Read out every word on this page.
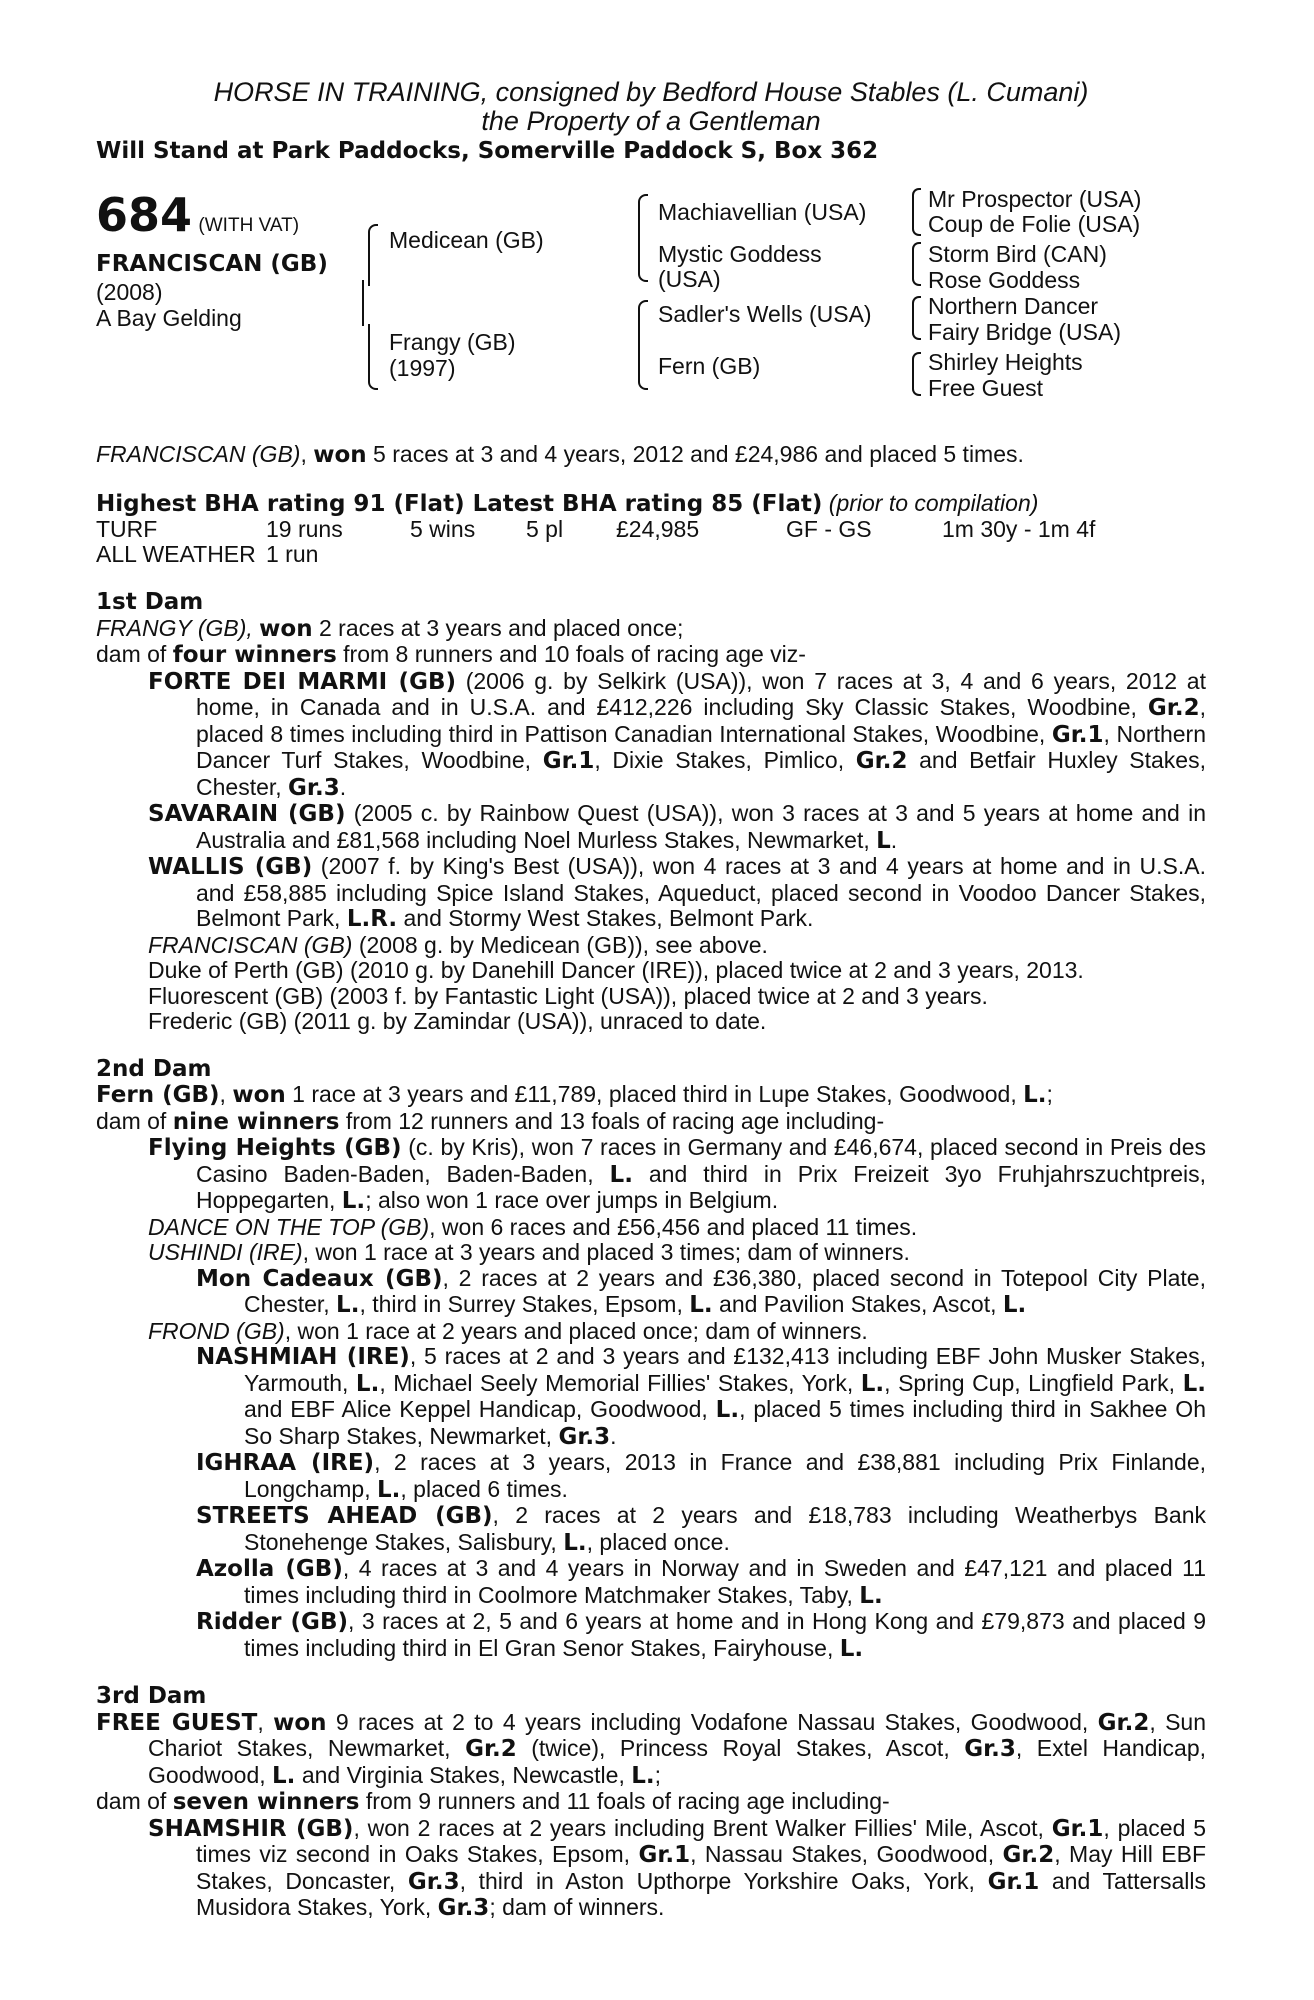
HORSE IN TRAINING, consigned by Bedford House Stables (L. Cumani)
the Property of a Gentleman
Will Stand at Park Paddocks, Somerville Paddock S, Box 362
684 (WITH VAT)
FRANCISCAN (GB)
(2008)
A Bay Gelding
Medicean (GB)
Frangy (GB)
(1997)
Machiavellian (USA)
Mystic Goddess
(USA)
Sadler's Wells (USA)
Fern (GB)
Mr Prospector (USA)
Coup de Folie (USA)
Storm Bird (CAN)
Rose Goddess
Northern Dancer
Fairy Bridge (USA)
Shirley Heights
Free Guest
FRANCISCAN (GB), won 5 races at 3 and 4 years, 2012 and £24,986 and placed 5 times.
Highest BHA rating 91 (Flat) Latest BHA rating 85 (Flat) (prior to compilation)
TURF	19 runs	5 wins 5 pl £24,985	GF - GS	1m 30y - 1m 4f
ALL WEATHER 1 run
1st Dam
FRANGY (GB), won 2 races at 3 years and placed once;
dam of four winners from 8 runners and 10 foals of racing age viz-
FORTE DEI MARMI (GB) (2006 g. by Selkirk (USA)), won 7 races at 3, 4 and 6 years, 2012 at home, in Canada and in U.S.A. and £412,226 including Sky Classic Stakes, Woodbine, Gr.2, placed 8 times including third in Pattison Canadian International Stakes, Woodbine, Gr.1, Northern Dancer Turf Stakes, Woodbine, Gr.1, Dixie Stakes, Pimlico, Gr.2 and Betfair Huxley Stakes, Chester, Gr.3.
SAVARAIN (GB) (2005 c. by Rainbow Quest (USA)), won 3 races at 3 and 5 years at home and in Australia and £81,568 including Noel Murless Stakes, Newmarket, L.
WALLIS (GB) (2007 f. by King's Best (USA)), won 4 races at 3 and 4 years at home and in U.S.A. and £58,885 including Spice Island Stakes, Aqueduct, placed second in Voodoo Dancer Stakes, Belmont Park, L.R. and Stormy West Stakes, Belmont Park.
FRANCISCAN (GB) (2008 g. by Medicean (GB)), see above.
Duke of Perth (GB) (2010 g. by Danehill Dancer (IRE)), placed twice at 2 and 3 years, 2013.
Fluorescent (GB) (2003 f. by Fantastic Light (USA)), placed twice at 2 and 3 years.
Frederic (GB) (2011 g. by Zamindar (USA)), unraced to date.
2nd Dam
Fern (GB), won 1 race at 3 years and £11,789, placed third in Lupe Stakes, Goodwood, L.;
dam of nine winners from 12 runners and 13 foals of racing age including-
Flying Heights (GB) (c. by Kris), won 7 races in Germany and £46,674, placed second in Preis des Casino Baden-Baden, Baden-Baden, L. and third in Prix Freizeit 3yo Fruhjahrszuchtpreis, Hoppegarten, L.; also won 1 race over jumps in Belgium.
DANCE ON THE TOP (GB), won 6 races and £56,456 and placed 11 times.
USHINDI (IRE), won 1 race at 3 years and placed 3 times; dam of winners.
Mon Cadeaux (GB), 2 races at 2 years and £36,380, placed second in Totepool City Plate, Chester, L., third in Surrey Stakes, Epsom, L. and Pavilion Stakes, Ascot, L.
FROND (GB), won 1 race at 2 years and placed once; dam of winners.
NASHMIAH (IRE), 5 races at 2 and 3 years and £132,413 including EBF John Musker Stakes, Yarmouth, L., Michael Seely Memorial Fillies' Stakes, York, L., Spring Cup, Lingfield Park, L. and EBF Alice Keppel Handicap, Goodwood, L., placed 5 times including third in Sakhee Oh So Sharp Stakes, Newmarket, Gr.3.
IGHRAA (IRE), 2 races at 3 years, 2013 in France and £38,881 including Prix Finlande, Longchamp, L., placed 6 times.
STREETS AHEAD (GB), 2 races at 2 years and £18,783 including Weatherbys Bank Stonehenge Stakes, Salisbury, L., placed once.
Azolla (GB), 4 races at 3 and 4 years in Norway and in Sweden and £47,121 and placed 11 times including third in Coolmore Matchmaker Stakes, Taby, L.
Ridder (GB), 3 races at 2, 5 and 6 years at home and in Hong Kong and £79,873 and placed 9 times including third in El Gran Senor Stakes, Fairyhouse, L.
3rd Dam
FREE GUEST, won 9 races at 2 to 4 years including Vodafone Nassau Stakes, Goodwood, Gr.2, Sun Chariot Stakes, Newmarket, Gr.2 (twice), Princess Royal Stakes, Ascot, Gr.3, Extel Handicap, Goodwood, L. and Virginia Stakes, Newcastle, L.;
dam of seven winners from 9 runners and 11 foals of racing age including-
SHAMSHIR (GB), won 2 races at 2 years including Brent Walker Fillies' Mile, Ascot, Gr.1, placed 5 times viz second in Oaks Stakes, Epsom, Gr.1, Nassau Stakes, Goodwood, Gr.2, May Hill EBF Stakes, Doncaster, Gr.3, third in Aston Upthorpe Yorkshire Oaks, York, Gr.1 and Tattersalls Musidora Stakes, York, Gr.3; dam of winners.
